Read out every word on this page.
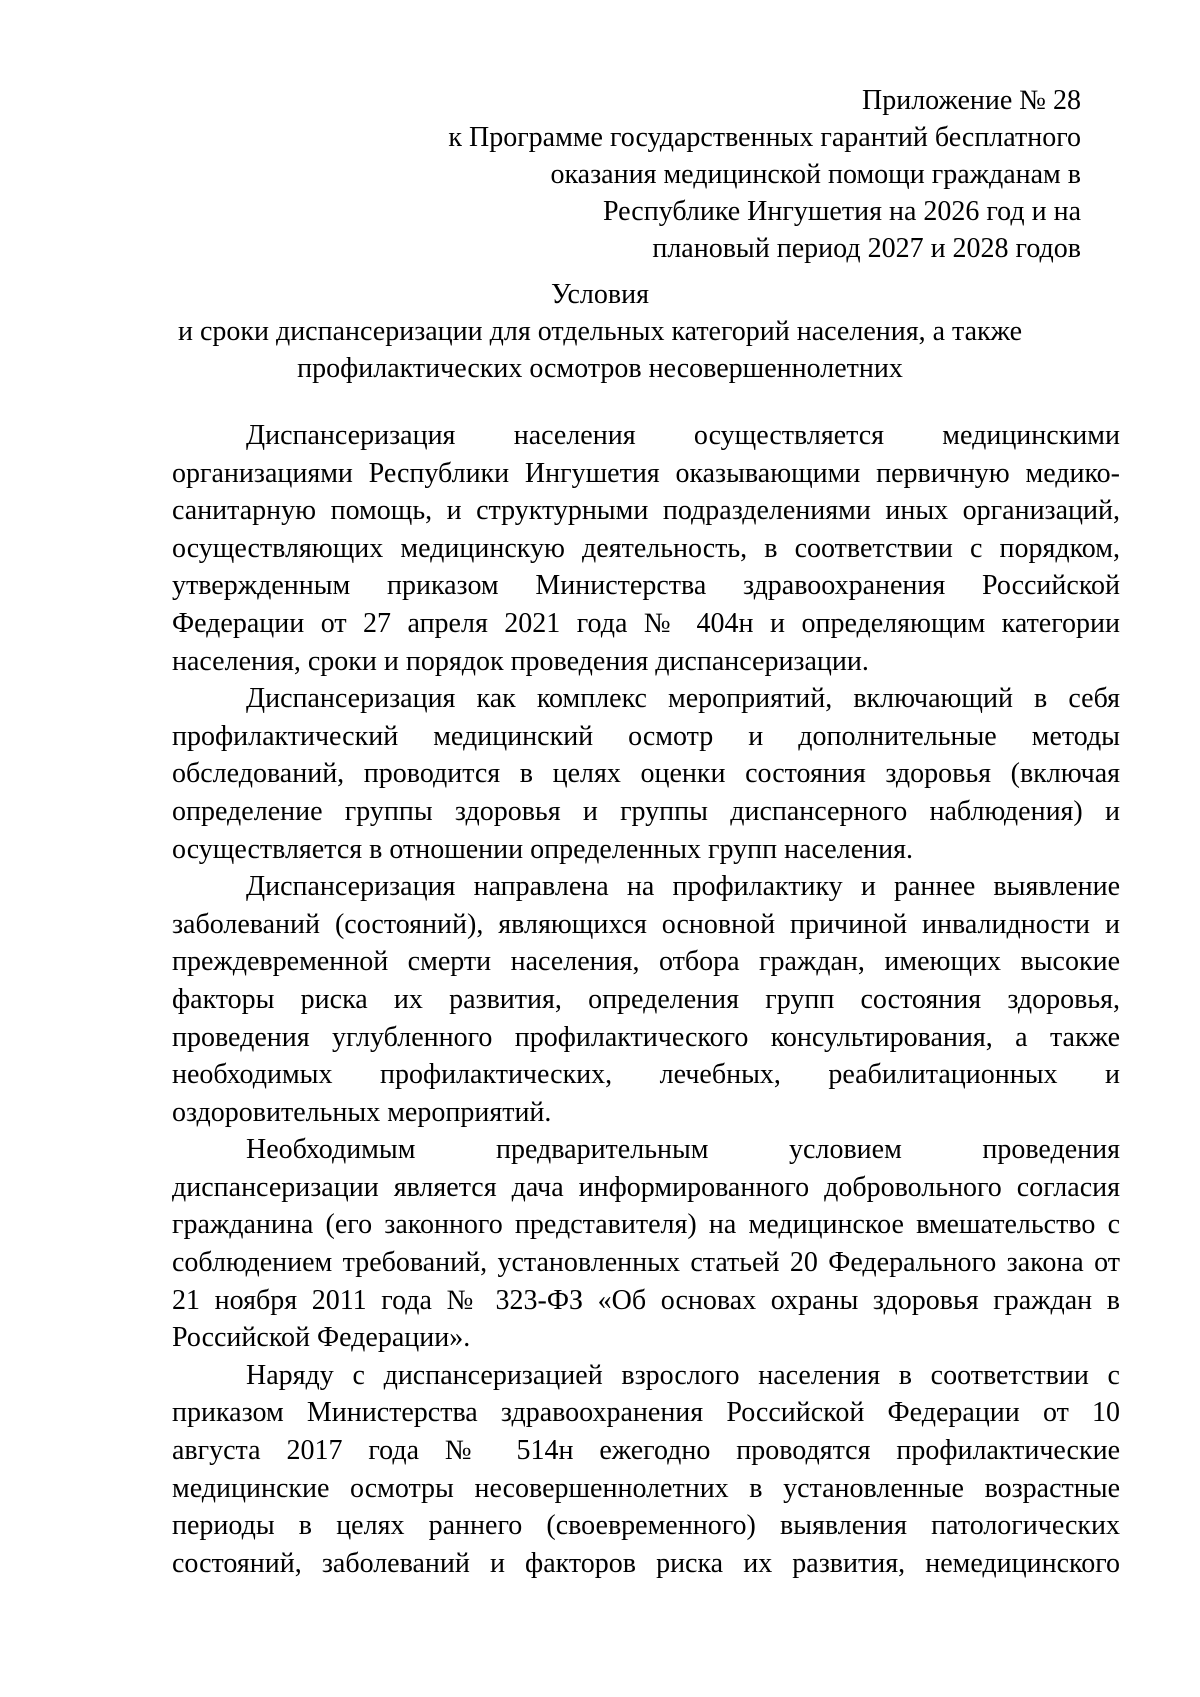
Приложение № 28
к Программе государственных гарантий бесплатного
оказания медицинской помощи гражданам в
Республике Ингушетия на 2026 год и на
плановый период 2027 и 2028 годов
Условия
и сроки диспансеризации для отдельных категорий населения, а также
профилактических осмотров несовершеннолетних
Диспансеризация населения осуществляется медицинскими
организациями Республики Ингушетия оказывающими первичную медико-
санитарную помощь, и структурными подразделениями иных организаций,
осуществляющих медицинскую деятельность, в соответствии с порядком,
утвержденным приказом Министерства здравоохранения Российской
Федерации от 27 апреля 2021 года № 404н и определяющим категории
населения, сроки и порядок проведения диспансеризации.
Диспансеризация как комплекс мероприятий, включающий в себя
профилактический медицинский осмотр и дополнительные методы
обследований, проводится в целях оценки состояния здоровья (включая
определение группы здоровья и группы диспансерного наблюдения) и
осуществляется в отношении определенных групп населения.
Диспансеризация направлена на профилактику и раннее выявление
заболеваний (состояний), являющихся основной причиной инвалидности и
преждевременной смерти населения, отбора граждан, имеющих высокие
факторы риска их развития, определения групп состояния здоровья,
проведения углубленного профилактического консультирования, а также
необходимых профилактических, лечебных, реабилитационных и
оздоровительных мероприятий.
Необходимым предварительным условием проведения
диспансеризации является дача информированного добровольного согласия
гражданина (его законного представителя) на медицинское вмешательство с
соблюдением требований, установленных статьей 20 Федерального закона от
21 ноября 2011 года № 323-ФЗ «Об основах охраны здоровья граждан в
Российской Федерации».
Наряду с диспансеризацией взрослого населения в соответствии с
приказом Министерства здравоохранения Российской Федерации от 10
августа 2017 года № 514н ежегодно проводятся профилактические
медицинские осмотры несовершеннолетних в установленные возрастные
периоды в целях раннего (своевременного) выявления патологических
состояний, заболеваний и факторов риска их развития, немедицинского
